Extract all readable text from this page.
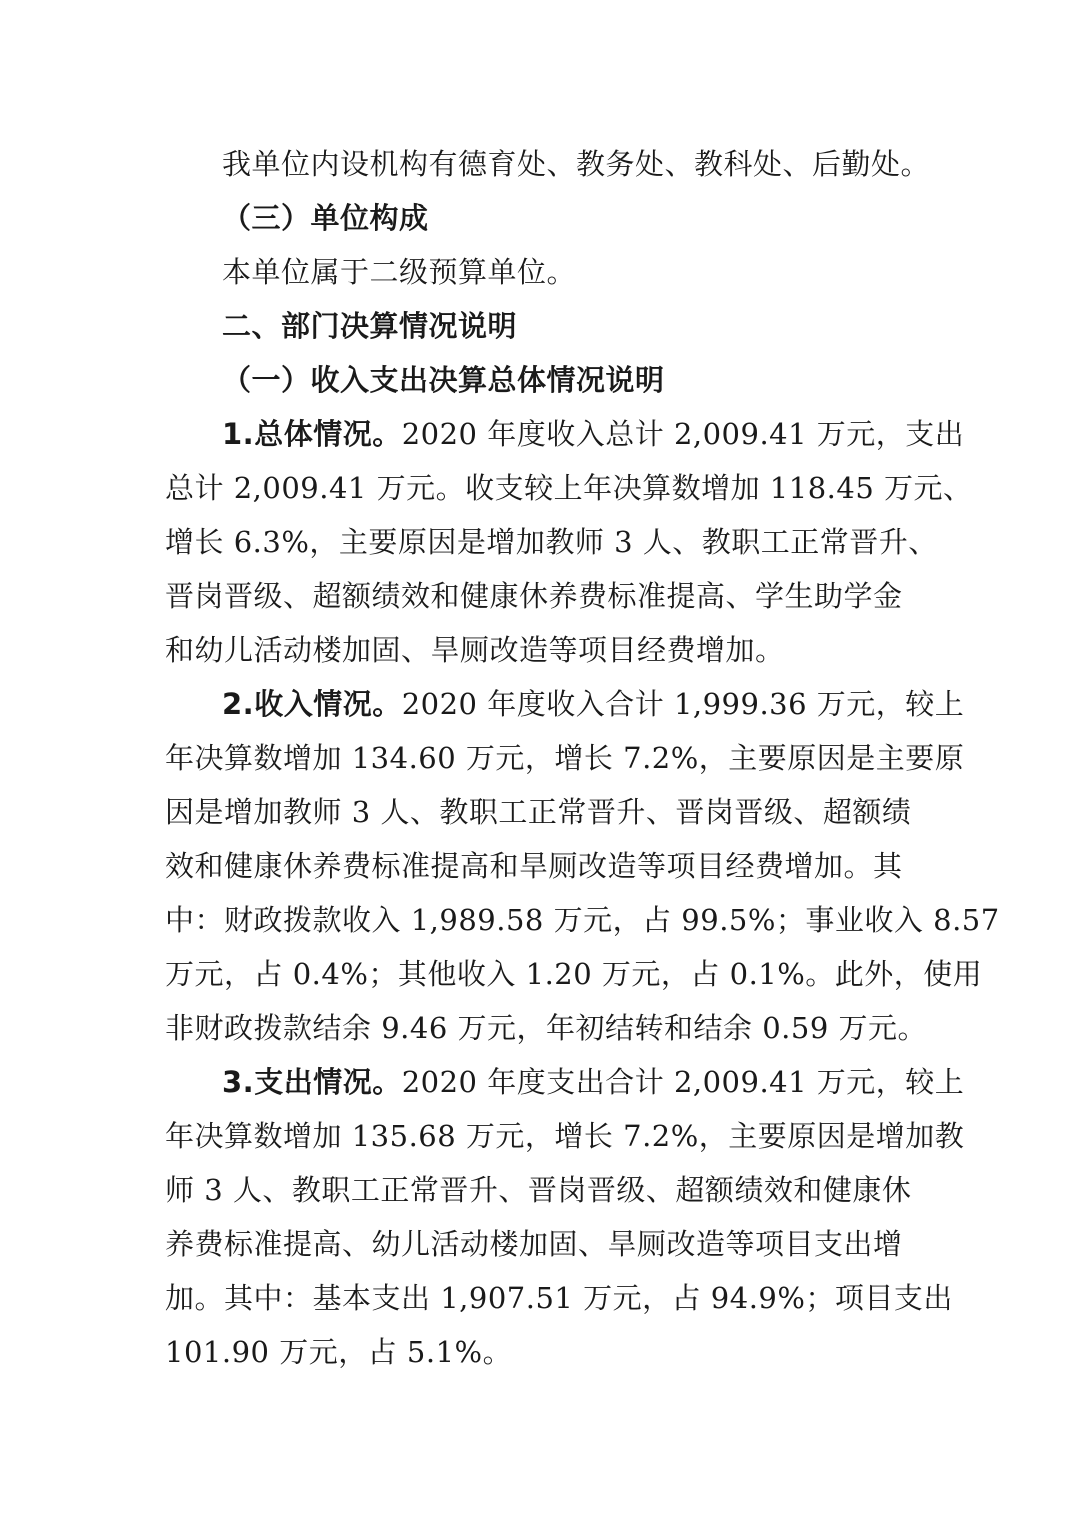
我单位内设机构有德育处、教务处、教科处、后勤处。
（三）单位构成
本单位属于二级预算单位。
二、部门决算情况说明
（一）收入支出决算总体情况说明
1.总体情况。2020 年度收入总计 2,009.41 万元，支出
总计 2,009.41 万元。收支较上年决算数增加 118.45 万元、
增长 6.3%，主要原因是增加教师 3 人、教职工正常晋升、
晋岗晋级、超额绩效和健康休养费标准提高、学生助学金
和幼儿活动楼加固、旱厕改造等项目经费增加。
2.收入情况。2020 年度收入合计 1,999.36 万元，较上
年决算数增加 134.60 万元，增长 7.2%，主要原因是主要原
因是增加教师 3 人、教职工正常晋升、晋岗晋级、超额绩
效和健康休养费标准提高和旱厕改造等项目经费增加。其
中：财政拨款收入 1,989.58 万元，占 99.5%；事业收入 8.57
万元，占 0.4%；其他收入 1.20 万元，占 0.1%。此外，使用
非财政拨款结余 9.46 万元，年初结转和结余 0.59 万元。
3.支出情况。2020 年度支出合计 2,009.41 万元，较上
年决算数增加 135.68 万元，增长 7.2%，主要原因是增加教
师 3 人、教职工正常晋升、晋岗晋级、超额绩效和健康休
养费标准提高、幼儿活动楼加固、旱厕改造等项目支出增
加。其中：基本支出 1,907.51 万元，占 94.9%；项目支出
101.90 万元，占 5.1%。
